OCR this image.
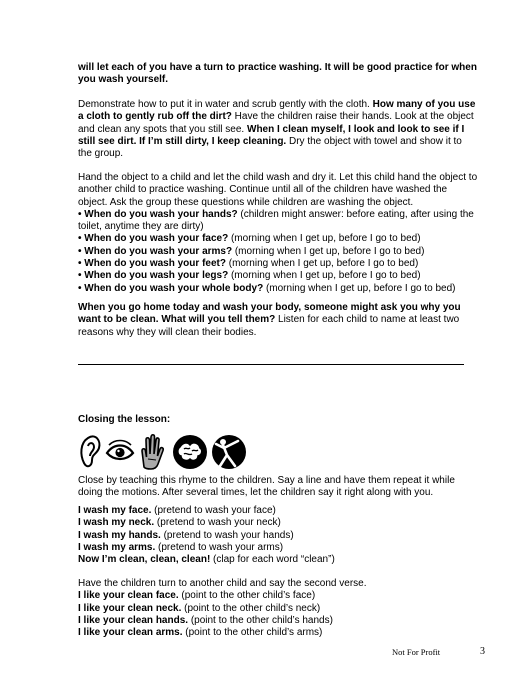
will let each of you have a turn to practice washing. It will be good practice for when you wash yourself.

Demonstrate how to put it in water and scrub gently with the cloth. How many of you use a cloth to gently rub off the dirt? Have the children raise their hands. Look at the object and clean any spots that you still see. When I clean myself, I look and look to see if I still see dirt. If I’m still dirty, I keep cleaning. Dry the object with towel and show it to the group.

Hand the object to a child and let the child wash and dry it. Let this child hand the object to another child to practice washing. Continue until all of the children have washed the object. Ask the group these questions while children are washing the object.

• When do you wash your hands? (children might answer: before eating, after using the toilet, anytime they are dirty)

• When do you wash your face? (morning when I get up, before I go to bed)

• When do you wash your arms? (morning when I get up, before I go to bed)

• When do you wash your feet? (morning when I get up, before I go to bed)

• When do you wash your legs? (morning when I get up, before I go to bed)

• When do you wash your whole body? (morning when I get up, before I go to bed)

When you go home today and wash your body, someone might ask you why you want to be clean. What will you tell them? Listen for each child to name at least two reasons why they will clean their bodies.

Closing the lesson:

Close by teaching this rhyme to the children. Say a line and have them repeat it while doing the motions. After several times, let the children say it right along with you.

I wash my face. (pretend to wash your face)

I wash my neck. (pretend to wash your neck)

I wash my hands. (pretend to wash your hands)

I wash my arms. (pretend to wash your arms)

Now I’m clean, clean, clean! (clap for each word “clean”)

Have the children turn to another child and say the second verse.

I like your clean face. (point to the other child’s face)

I like your clean neck. (point to the other child’s neck)

I like your clean hands. (point to the other child’s hands)

I like your clean arms. (point to the other child’s arms)

Not For Profit	3
